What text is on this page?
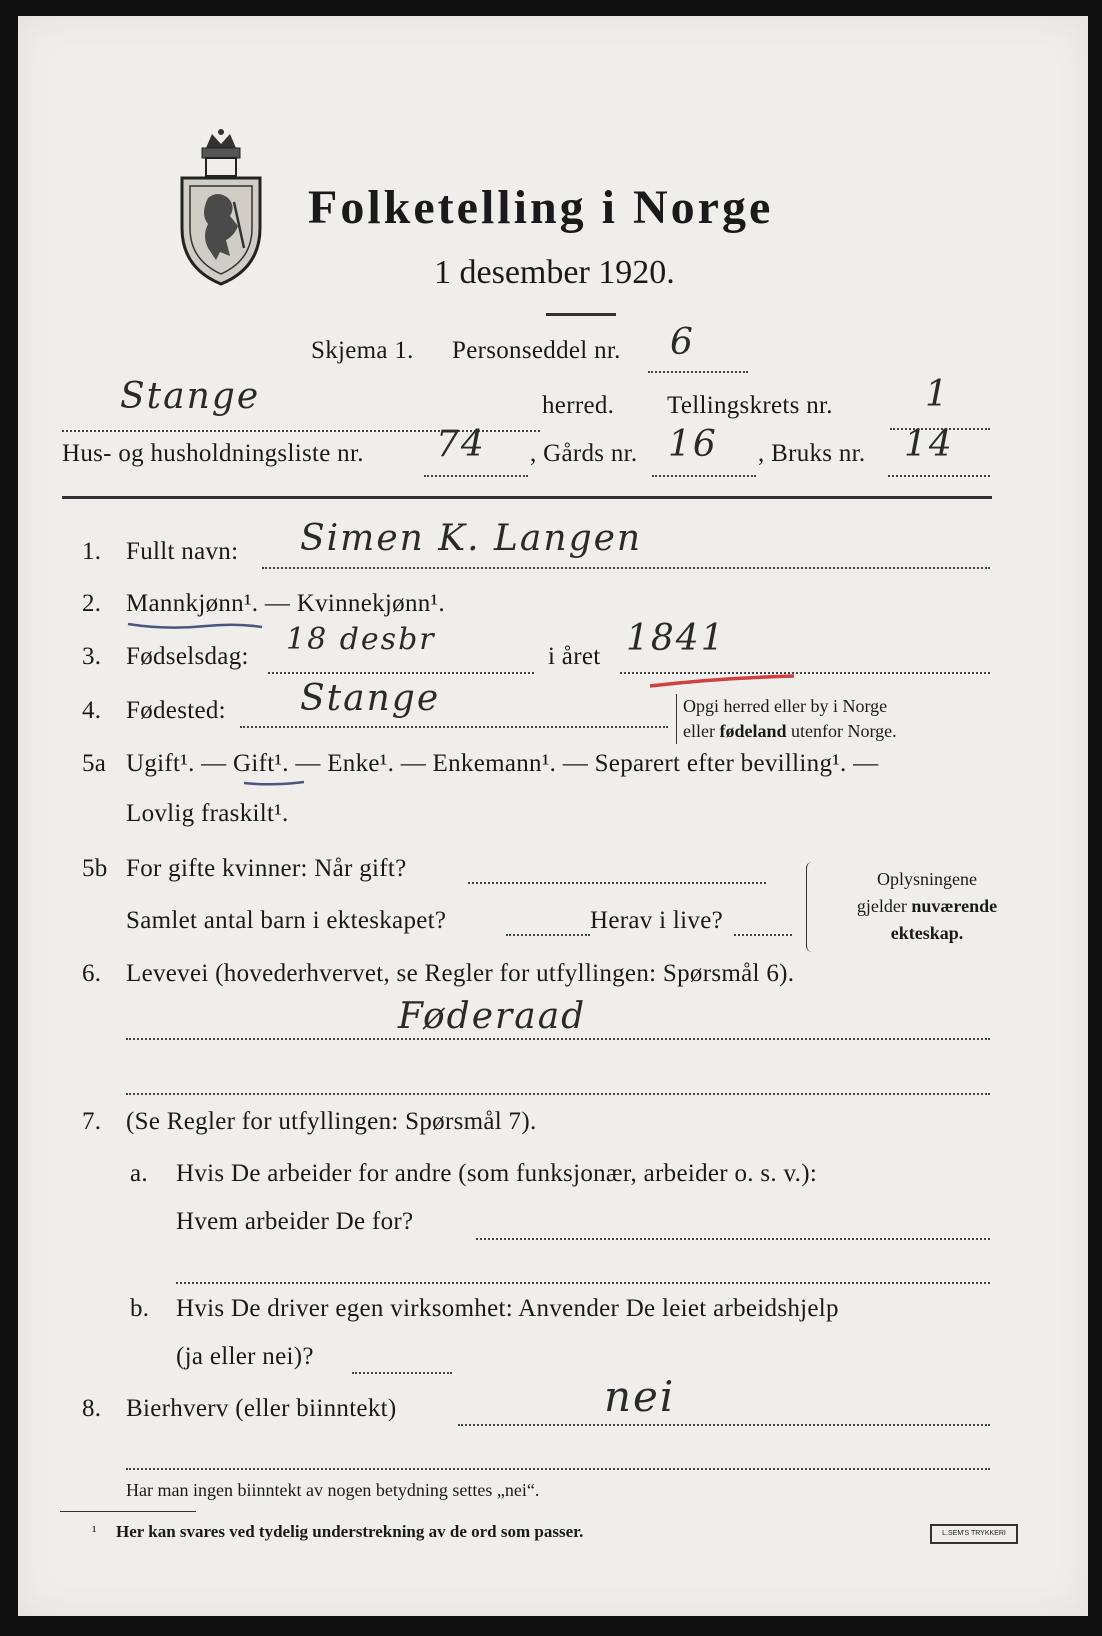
Folketelling i Norge
1 desember 1920.
Skjema 1. Personseddel nr. 6
Stange	herred. Tellingskrets nr.	1
Hus- og husholdningsliste nr. 74 , Gårds nr. 16 , Bruks nr. 14
1. Fullt navn: Simen K. Langen
2. Mannkjønn¹. — Kvinnekjønn¹.
3. Fødselsdag: 18 desbr	i året 1841
4. Fødested: Stange	Opgi herred eller by i Norge
eller fødeland utenfor Norge.
5a Ugift¹. — Gift¹. — Enke¹. — Enkemann¹. — Separert efter bevilling¹. —
Lovlig fraskilt¹.
5b For gifte kvinner: Når gift?
Samlet antal barn i ekteskapet?	Herav i live?
Oplysningene
gjelder nuværende
ekteskap.
6. Levevei (hovederhvervet, se Regler for utfyllingen: Spørsmål 6).
Føderaad
7. (Se Regler for utfyllingen: Spørsmål 7).
a. Hvis De arbeider for andre (som funksjonær, arbeider o. s. v.):
Hvem arbeider De for?
b. Hvis De driver egen virksomhet: Anvender De leiet arbeidshjelp
(ja eller nei)?
8. Bierhverv (eller biinntekt)	nei
Har man ingen biinntekt av nogen betydning settes „nei“.
¹ Her kan svares ved tydelig understrekning av de ord som passer.	L.SEM'S TRYKKERI
